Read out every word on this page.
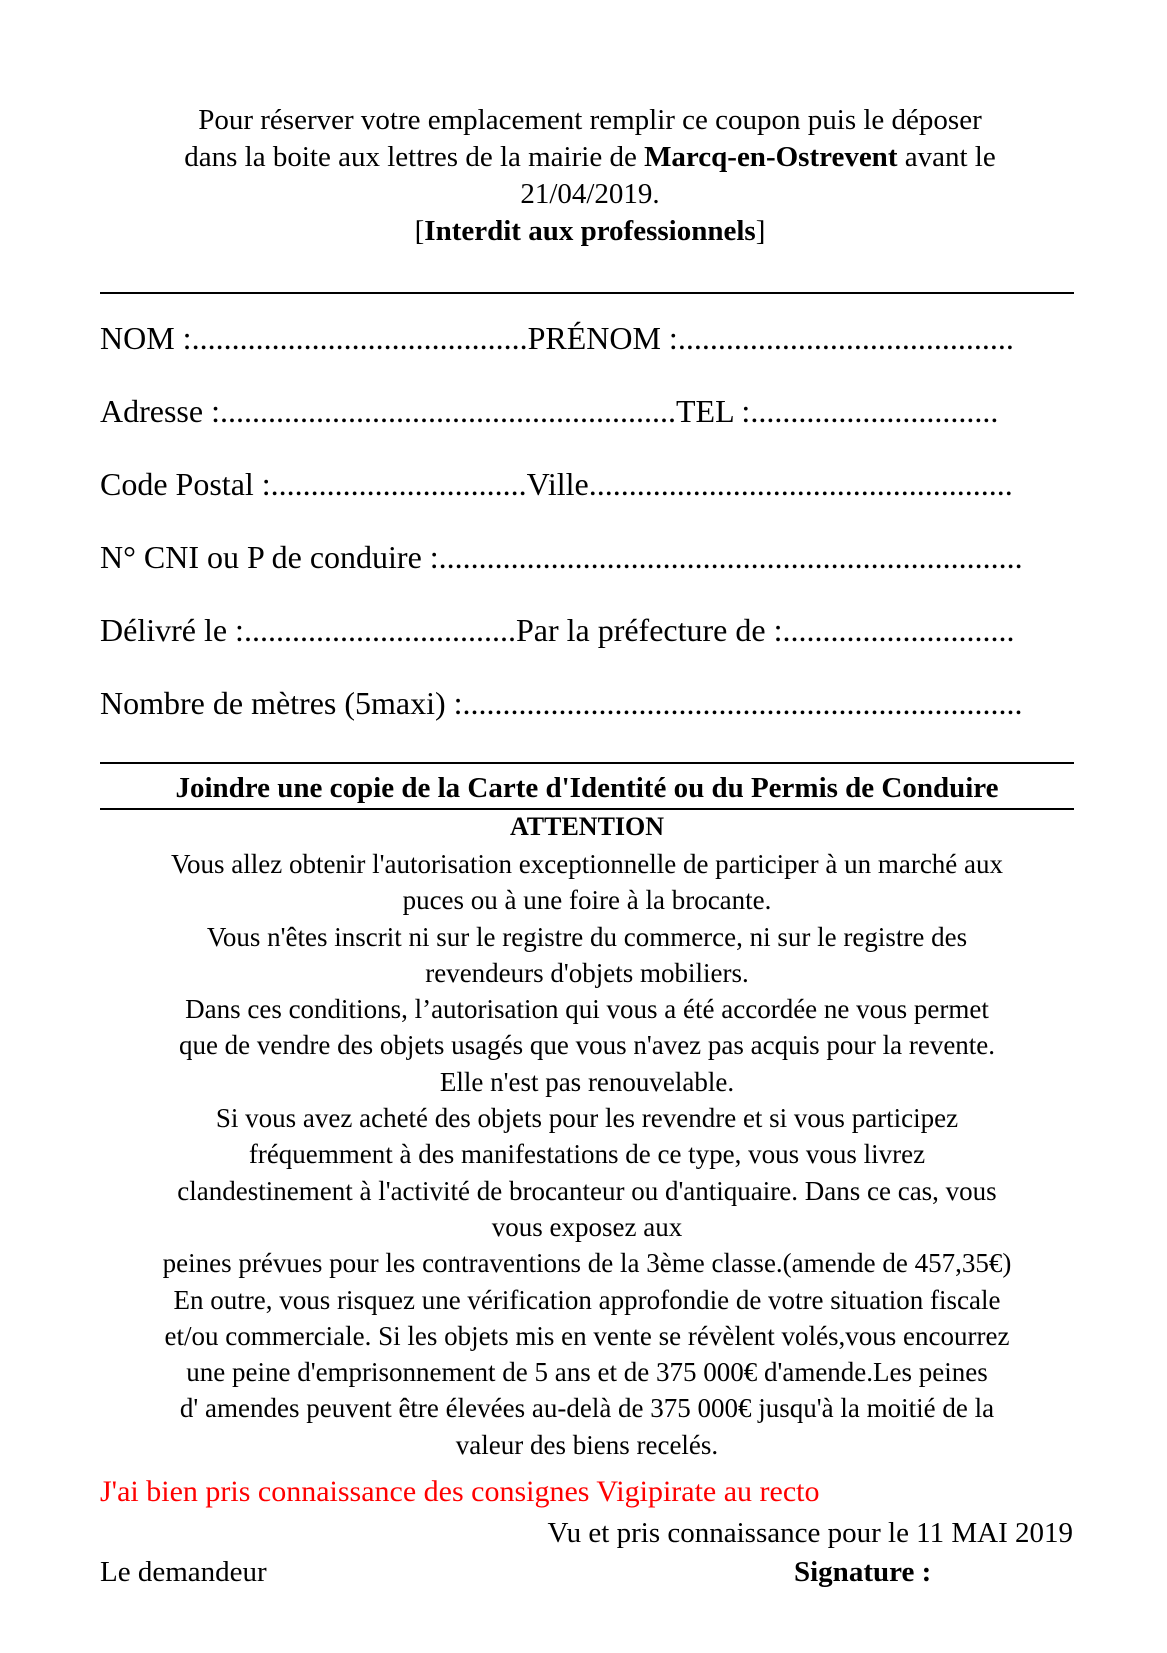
Pour réserver votre emplacement remplir ce coupon puis le déposer
dans la boite aux lettres de la mairie de Marcq-en-Ostrevent avant le
21/04/2019.
[Interdit aux professionnels]
NOM :..........................................PRÉNOM :..........................................
Adresse :.........................................................TEL :...............................
Code Postal :................................Ville.....................................................
N° CNI ou P de conduire :.........................................................................
Délivré le :..................................Par la préfecture de :.............................
Nombre de mètres (5maxi) :......................................................................
Joindre une copie de la Carte d'Identité ou du Permis de Conduire
ATTENTION

Vous allez obtenir l'autorisation exceptionnelle de participer à un marché aux

puces ou à une foire à la brocante.

Vous n'êtes inscrit ni sur le registre du commerce, ni sur le registre des

revendeurs d'objets mobiliers.

Dans ces conditions, l’autorisation qui vous a été accordée ne vous permet

que de vendre des objets usagés que vous n'avez pas acquis pour la revente.

Elle n'est pas renouvelable.

Si vous avez acheté des objets pour les revendre et si vous participez

fréquemment à des manifestations de ce type, vous vous livrez

clandestinement à l'activité de brocanteur ou d'antiquaire. Dans ce cas, vous

vous exposez aux

peines prévues pour les contraventions de la 3ème classe.(amende de 457,35€)

En outre, vous risquez une vérification approfondie de votre situation fiscale

et/ou commerciale. Si les objets mis en vente se révèlent volés,vous encourrez

une peine d'emprisonnement de 5 ans et de 375 000€ d'amende.Les peines

d' amendes peuvent être élevées au-delà de 375 000€ jusqu'à la moitié de la

valeur des biens recelés.

J'ai bien pris connaissance des consignes Vigipirate au recto
Vu et pris connaissance pour le 11 MAI 2019
Le demandeur	Signature :
